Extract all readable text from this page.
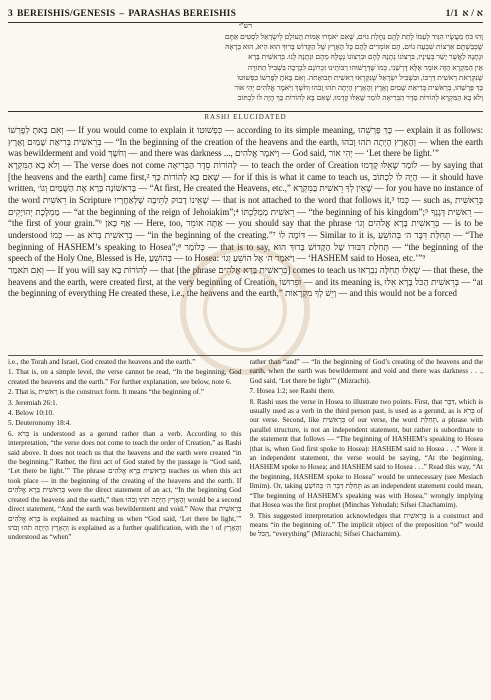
3 BEREISHIS/GENESIS – PARASHAS BEREISHIS	1/1 א / א
רש"י
וָהוּ כֹּחַ מַעֲשָׂיו הִגִּיד לְעַמּוֹ לָתֵת לָהֶם נַחֲלַת גּוֹיִם, שֶׁאִם יֹאמְרוּ אֻמּוֹת הָעוֹלָם לְיִשְׂרָאֵל לִסְטִים אַתֶּם
שֶׁכְּבַשְׁתֶּם אַרְצוֹת שִׁבְעָה גוֹיִם, הֵם אוֹמְרִים לָהֶם כָּל הָאָרֶץ שֶׁל הַקָּדוֹשׁ בָּרוּךְ הוּא הִיא, הוּא בְּרָאָהּ
וּנְתָנָהּ לַאֲשֶׁר יָשַׁר בְּעֵינָיו, בִּרְצוֹנוֹ נְתָנָהּ לָהֶם וּבִרְצוֹנוֹ נְטָלָהּ מֵהֶם וּנְתָנָהּ לָנוּ. בְּרֵאשִׁית בָּרָא
אֵין הַמִּקְרָא הַזֶּה אוֹמֵר אֶלָּא דָּרְשֵׁנִי, כְּמוֹ שֶׁדְּרָשׁוּהוּ רַבּוֹתֵינוּ זִכְרוֹנָם לִבְרָכָה בִּשְׁבִיל הַתּוֹרָה
שֶׁנִּקְרֵאת רֵאשִׁית דַּרְכּוֹ, וּבִשְׁבִיל יִשְׂרָאֵל שֶׁנִּקְרְאוּ רֵאשִׁית תְּבוּאָתֹה. וְאִם בָּאתָ לְפָרְשׁוֹ כִּפְשׁוּטוֹ
כָּךְ פָּרְשֵׁהוּ, בְּרֵאשִׁית בְּרִיאַת שָׁמַיִם וָאָרֶץ וְהָאָרֶץ הָיְתָה תֹהוּ וָבֹהוּ וְחֹשֶׁךְ וַיֹּאמֶר אֱלֹהִים יְהִי אוֹר
וְלֹא בָא הַמִּקְרָא לְהוֹרוֹת סֵדֶר הַבְּרִיאָה לוֹמַר שֶׁאֵלּוּ קָדְמוּ, שֶׁאִם בָּא לְהוֹרוֹת כָּךְ הָיָה לוֹ לִכְתּוֹב
RASHI ELUCIDATED

וְאִם בָּאתָ לְפָרְשׁוֹ — If you would come to explain it כִּפְשׁוּטוֹ — according to its simple meaning, כָּךְ פָּרְשֵׁהוּ — explain it as follows: בְּרֵאשִׁית בְּרִיאַת שָׁמַיִם וָאָרֶץ — “In the beginning of the creation of the heavens and the earth, וְהָאָרֶץ הָיְתָה תֹהוּ וָבֹהוּ — when the earth was bewilderment and void וְחֹשֶׁךְ — and there was darkness ..., וַיֹּאמֶר אֱלֹהִים — God said, יְהִי אוֹר — ‘Let there be light.’”

וְלֹא בָא הַמִּקְרָא — The verse does not come לְהוֹרוֹת סֵדֶר הַבְּרִיאָה — to teach the order of Creation לוֹמַר שֶׁאֵלּוּ קָדְמוּ — by saying that [the heavens and the earth] came first,² שֶׁאִם בָּא לְהוֹרוֹת כָּךְ — for if this is what it came to teach us, הָיָה לוֹ לִכְתּוֹב — it should have written, בָּרִאשׁוֹנָה בָּרָא אֶת הַשָּׁמַיִם וְגוֹ׳ — “At first, He created the Heavens, etc.,” שֶׁאֵין לְךָ רֵאשִׁית בַּמִּקְרָא — for you have no instance of the word רֵאשִׁית in Scripture שֶׁאֵינוֹ דָבוּק לַתֵּיבָה שֶׁלְּאַחֲרָיו — that is not attached to the word that follows it,³ כְּמוֹ — such as, בְּרֵאשִׁית מַמְלֶכֶת יְהוֹיָקִים — “at the beginning of the reign of Jehoiakim”;⁴ רֵאשִׁית מַמְלַכְתּוֹ — “the beginning of his kingdom”;⁵ רֵאשִׁית דְּגָנְךָ — “the first of your grain.”⁶ אַף כָּאן — Here, too, אַתָּה אוֹמֵר — you should say that the phrase בְּרֵאשִׁית בָּרָא אֱלֹהִים וְגוֹ׳ — is to be understood כְּמוֹ — as בְּרֵאשִׁית בְּרֹא — “in the beginning of the creating.”⁷ דּוֹמֶה לוֹ — Similar to it is, תְּחִלַּת דִּבֶּר ה׳ בְּהוֹשֵׁעַ — “The beginning of HASHEM’s speaking to Hosea”;⁸ כְּלוֹמַר — that is to say, תְּחִלַּת דִּבּוּרוֹ שֶׁל הַקָּדוֹשׁ בָּרוּךְ הוּא — “the beginning of the speech of the Holy One, Blessed is He, בְּהוֹשֵׁעַ — to Hosea: וַיֹּאמֶר ה׳ אֶל הוֹשֵׁעַ וְגוֹ׳ — ‘HASHEM said to Hosea, etc.’”⁹

וְאִם תֹּאמַר — If you will say לְהוֹרוֹת בָּא — that [the phrase בְּרֵאשִׁית בָּרָא אֱלֹהִים] comes to teach us שֶׁאֵלּוּ תְחִלָּה נִבְרְאוּ — that these, the heavens and the earth, were created first, at the very beginning of Creation, וּפֵרוּשׁוֹ — and its meaning is, בְּרֵאשִׁית הַכֹּל בָּרָא אֵלּוּ — “at the beginning of everything He created these, i.e., the heavens and the earth,” וְיֵשׁ לְךָ מִקְרָאוֹת — and this would not be a forced

i.e., the Torah and Israel, God created the heavens and the earth.”

1. That is, on a simple level, the verse cannot be read, “In the beginning, God created the heavens and the earth.” For further explanation, see below, note 6.

2. That is, רֵאשִׁית is the construct form. It means “the beginning of.”

3. Jeremiah 26:1.

4. Below 10:10.

5. Deuteronomy 18:4.

6. בְּרֹא is understood as a gerund rather than a verb. According to this interpretation, “the verse does not come to teach the order of Creation,” as Rashi said above. It does not teach us that the heavens and the earth were created “in the beginning.” Rather, the first act of God stated by the passage is “God said, ‘Let there be light.’” The phrase בְּרֵאשִׁית בָּרָא אֱלֹהִים teaches us when this act took place — in the beginning of the creating of the heavens and the earth. If בְּרֵאשִׁית בָּרָא אֱלֹהִים were the direct statement of an act, “In the beginning God created the heavens and the earth,” then וְהָאָרֶץ הָיְתָה תֹהוּ וָבֹהוּ would be a second direct statement, “And the earth was bewilderment and void.” Now that בְּרֵאשִׁית בָּרָא אֱלֹהִים is explained as teaching us when “God said, ‘Let there be light,’” וְהָאָרֶץ הָיְתָה תֹהוּ וָבֹהוּ is explained as a further qualification, with the ו of וְהָאָרֶץ understood as “when”

rather than “and” — “In the beginning of God’s creating of the heavens and the earth, when the earth was bewilderment and void and there was darkness . . ., God said, ‘Let there be light’” (Mizrachi).

7. Hosea 1:2; see Rashi there.

8. Rashi uses the verse in Hosea to illustrate two points. First, that דִּבֶּר, which is usually used as a verb in the third person past, is used as a gerund, as is בְּרֹא of our verse. Second, like בְּרֵאשִׁית of our verse, the word תְּחִלַּת, a phrase with parallel structure, is not an independent statement, but rather is subordinate to the statement that follows — “The beginning of HASHEM’s speaking to Hosea (that is, when God first spoke to Hosea): HASHEM said to Hosea . . .” Were it an independent statement, the verse would be saying, “At the beginning, HASHEM spoke to Hosea; and HASHEM said to Hosea . . .” Read this way, “At the beginning, HASHEM spoke to Hosea” would be unnecessary (see Mesiach Ilmim). Or, taking תְּחִלַּת דִּבֶּר ה׳ בְּהוֹשֵׁעַ as an independent statement could mean, “The beginning of HASHEM’s speaking was with Hosea,” wrongly implying that Hosea was the first prophet (Minchas Yehudah; Sifsei Chachamim).

9. This suggested interpretation acknowledges that בְּרֵאשִׁית is a construct and means “in the beginning of.” The implicit object of the preposition “of” would be הַכֹּל, “everything” (Mizrachi; Sifsei Chachamim).
